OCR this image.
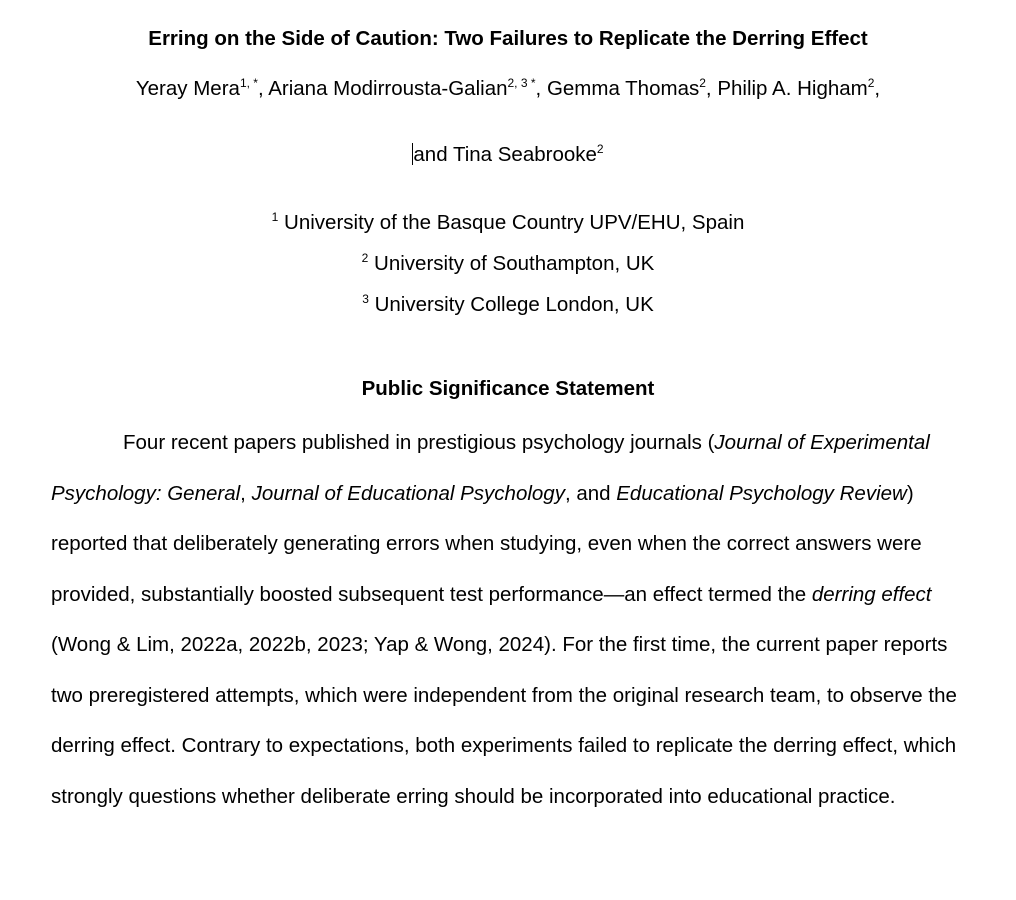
Erring on the Side of Caution: Two Failures to Replicate the Derring Effect
Yeray Mera$^{1, *}$, Ariana Modirrousta-Galian$^{2, 3 *}$, Gemma Thomas$^2$, Philip A. Higham$^2$,
and Tina Seabrooke$^2$
$^1$ University of the Basque Country UPV/EHU, Spain
$^2$ University of Southampton, UK
$^3$ University College London, UK
Public Significance Statement

Four recent papers published in prestigious psychology journals (Journal of Experimental Psychology: General, Journal of Educational Psychology, and Educational Psychology Review) reported that deliberately generating errors when studying, even when the correct answers were provided, substantially boosted subsequent test performance—an effect termed the derring effect (Wong & Lim, 2022a, 2022b, 2023; Yap & Wong, 2024). For the first time, the current paper reports two preregistered attempts, which were independent from the original research team, to observe the derring effect. Contrary to expectations, both experiments failed to replicate the derring effect, which strongly questions whether deliberate erring should be incorporated into educational practice.
